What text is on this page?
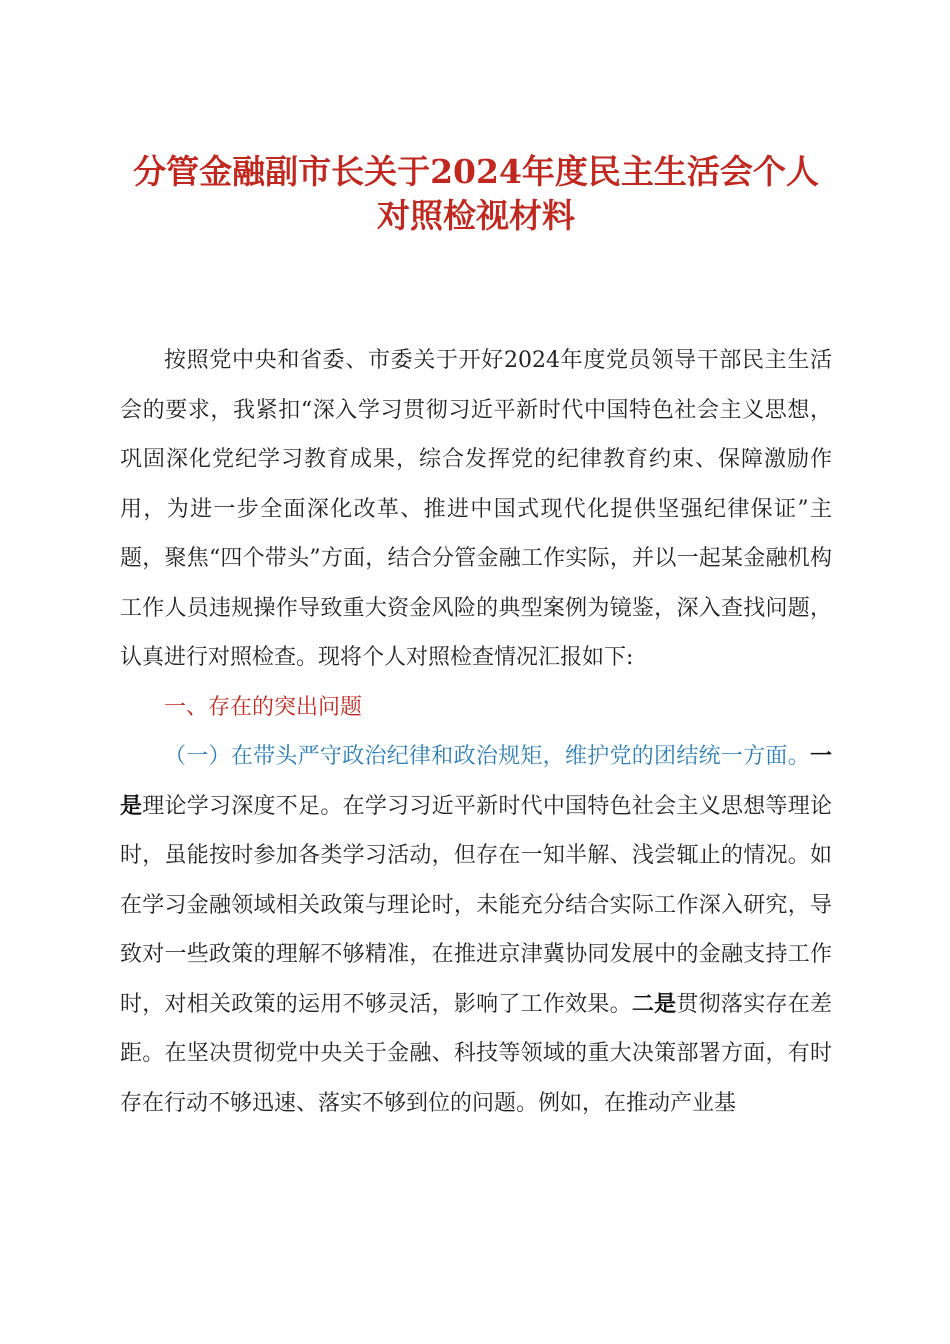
分管金融副市长关于2024年度民主生活会个人
对照检视材料

按照党中央和省委、市委关于开好2024年度党员领导干部民主生活会的要求，我紧扣“深入学习贯彻习近平新时代中国特色社会主义思想，巩固深化党纪学习教育成果，综合发挥党的纪律教育约束、保障激励作用，为进一步全面深化改革、推进中国式现代化提供坚强纪律保证”主题，聚焦“四个带头”方面，结合分管金融工作实际，并以一起某金融机构工作人员违规操作导致重大资金风险的典型案例为镜鉴，深入查找问题，认真进行对照检查。现将个人对照检查情况汇报如下:

一、存在的突出问题

（一）在带头严守政治纪律和政治规矩，维护党的团结统一方面。一是理论学习深度不足。在学习习近平新时代中国特色社会主义思想等理论时，虽能按时参加各类学习活动，但存在一知半解、浅尝辄止的情况。如在学习金融领域相关政策与理论时，未能充分结合实际工作深入研究，导致对一些政策的理解不够精准，在推进京津冀协同发展中的金融支持工作时，对相关政策的运用不够灵活，影响了工作效果。二是贯彻落实存在差距。在坚决贯彻党中央关于金融、科技等领域的重大决策部署方面，有时存在行动不够迅速、落实不够到位的问题。例如，在推动产业基
